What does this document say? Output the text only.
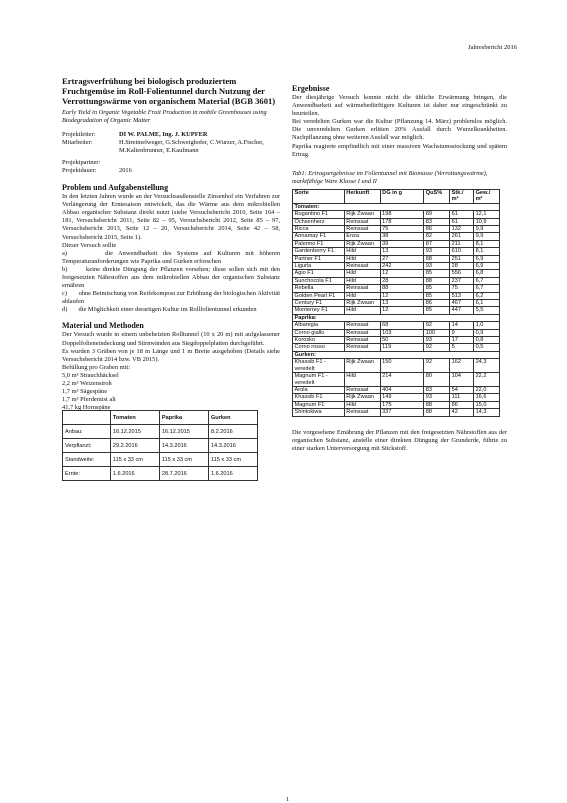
Jahresbericht 2016

Ertragsverfrühung bei biologisch produziertem Fruchtgemüse im Roll-Folientunnel durch Nutzung der Verrottungswärme von organischem Material (BGB 3601)

Early Yield in Organic Vegetable Fruit Production in mobile Greenhouses using Biodegradation of Organic Matter

Projektleiter:	DI W. PALME, Ing. J. KUPFER
Mitarbeiter:	H.Streimelweger, G.Schweighofer, C.Wurzer, A.Fischer, M.Kaltenbrunner, E.Kaufmann
Projektpartner:
Projektdauer:	2016

Problem und Aufgabenstellung

In den letzten Jahren wurde an der Versuchsaußenstelle Zinsenhof ein Verfahren zur Verlängerung der Erntesaison entwickelt, das die Wärme aus dem mikrobiellen Abbau organischer Substanz direkt nutzt (siehe Versuchsbericht 2010, Seite 164 – 181, Versuchsbericht 2011, Seite 82 – 95, Versuchsbericht 2012, Seite 85 – 97, Versuchsbericht 2013, Seite 12 – 20, Versuchsbericht 2014, Seite 42 – 58, Versuchsbericht 2015, Seite 1).

Dieser Versuch sollte

a)       die Anwendbarkeit des Systems auf Kulturen mit höheren Temperaturanforderungen wie Paprika und Gurken erforschen

b)       keine direkte Düngung der Pflanzen vorsehen; diese sollen sich mit den freigesetzten Nährstoffen aus dem mikrobiellen Abbau der organischen Substanz ernähren

c)       ohne Beimischung von Reifekompost zur Erhöhung der biologischen Aktivität ablaufen

d)       die Möglichkeit einer derartigen Kultur im Rollfolientunnel erkunden

Material und Methoden

Der Versuch wurde in einem unbeheizten Rolltunnel (10 x 20 m) mit aufgelassener Doppelfolieneindeckung und Stirnwänden aus Stegdoppelplatten durchgeführt.

Es wurden 3 Gräben von je 18 m Länge und 1 m Breite ausgehoben (Details siehe Versuchsbericht 2014 bzw. VB 2015).

Befüllung pro Graben mit:

5,0 m³ Strauchhäcksel
2,2 m³ Weizenstroh
1,7 m³ Sägespäne
1,7 m³ Pferdemist alt
41,7 kg Hornspäne
	Tomaten	Paprika	Gurken
Anbau:	16.12.2015	16.12.2015	8.2.2016
Verpflanzt:	29.2.2016	14.3.2016	14.3.2016
Standweite:	115 x 33 cm	115 x 33 cm	115 x 33 cm
Ernte:	1.6.2016	28.7.2016	1.6.2016

Ergebnisse

Der diesjährige Versuch konnte nicht die übliche Erwärmung bringen, die Anwendbarkeit auf wärmebedürftigere Kulturen ist daher nur eingeschränkt zu beurteilen.

Bei veredelten Gurken war die Kultur (Pflanzung 14. März) problemlos möglich. Die unveredelten Gurken erlitten 20% Ausfall durch Wurzelkrankheiten. Nachpflanzung ohne weiteren Ausfall war möglich.

Paprika reagierte empfindlich mit einer massiven Wachstumsstockung und spätem Ertrag.

Tab1: Ertragsergebnisse im Folientunnel mit Biomasse (Verrottungswärme), marktfähige Ware Klasse I und II

Sorte	Herkunft	DG in g	QuS%	Stk./ m²	Gew./ m²
Tomaten:					
Rugantino F1	Rijk Zwaan	198	89	61	12,1
Ochsenherz	Reinsaat	178	83	61	10,9
Ricca	Reinsaat	75	86	132	9,9
Annamay F1	Enza	38	82	261	9,9
Palermo F1	Rijk Zwaan	39	87	211	8,1
Gardenberry F1	Hild	13	93	610	8,1
Partner F1	Hild	27	88	251	6,9
Liguria	Reinsaat	242	93	28	6,9
Agio F1	Hild	12	85	556	6,8
Sunchocola F1	Hild	28	88	237	6,7
Rebella	Reinsaat	88	85	75	6,7
Golden Pearl F1	Hild	12	85	513	6,2
Century F1	Rijk Zwaan	13	86	467	6,1
Monterrey F1	Hild	12	85	447	5,5
Paprika:					
Albaregia	Reinsaat	68	92	14	1,0
Corno giallo	Reinsaat	103	100	9	0,9
Korosko	Reinsaat	50	93	17	0,8
Corno rosso	Reinsaat	119	92	5	0,5
Gurken:					
Khassib F1 - veredelt	Rijk Zwaan	150	92	162	24,3
Magnum F1 - veredelt	Hild	214	80	104	22,2
Arola	Reinsaat	404	83	54	22,0
Khassib F1	Rijk Zwaan	149	93	111	16,6
Magnum F1	Hild	175	88	86	15,0
Shintokiwa	Reinsaat	337	88	42	14,3

Die vorgesehene Ernährung der Pflanzen mit den freigesetzten Nährstoffen aus der organischen Substanz, anstelle einer direkten Düngung der Grunderde, führte zu einer starken Unterversorgung mit Stickstoff.

1
